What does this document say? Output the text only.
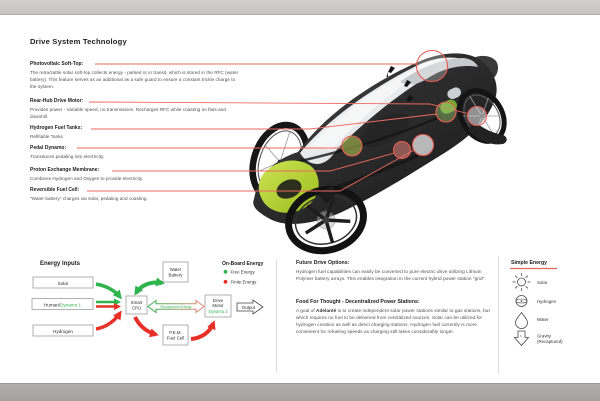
Energy Inputs
Solar
Human/Dynamo 1
Hydrogen
Smart
CPU
Water
Battery
P.E.M.
Fuel Cell
Recaptured Energy
Drive
Motor
Dynamo 2
Output
On-Board Energy
Free Energy
Finite Energy
Simple Energy
Solar
Hydrogen
Water
N	Gravity
(Recaptured)
Drive System Technology
Photovoltaic Soft-Top:
The retractable solar soft-top collects energy - parked or in transit, which is stored in the RFC (water battery). This feature serves as an additional as a safe guard to ensure a constant trickle charge to the system.
Rear-Hub Drive Motor:
Provides power - Variable speed, no transmission. Recharges RFC while coasting on flats and downhill.
Hydrogen Fuel Tanks:
Refillable Tanks
Pedal Dynamo:
Transduces pedaling into electricity.
Proton Exchange Membrane:
Combines Hydrogen and Oxygen to provide electricity.
Reversible Fuel Cell:
"Water battery" charges via solar, pedaling and coasting.
Future Drive Options:
Hydrogen fuel capabilities can easily be converted to pure electric drive utilizing Lithium Polymer battery arrays. This enables integration in the current hybrid power station "grid".
Food For Thought - Decentralized Power Stations:
A goal of Adelanté is to create independent solar power stations similar to gas stations, but which requires no fuel to be delivered from centralized sources. Solar can be utilized for hydrogen creation as well as direct charging stations. Hydrogen fuel currently is more convenient for refueling speeds as charging still takes considerably longer.
